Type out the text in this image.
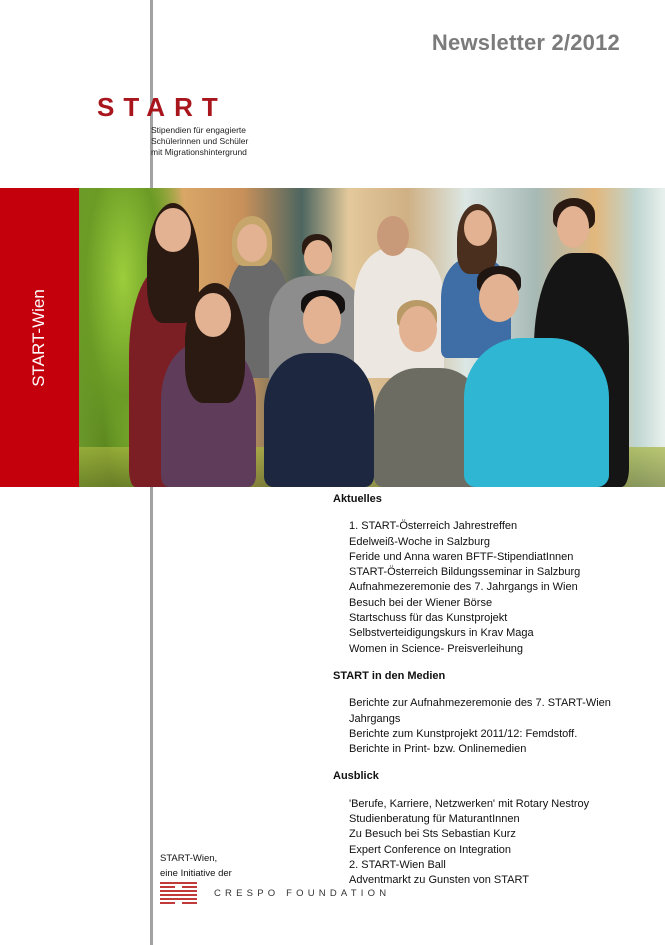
Newsletter 2/2012
START
Stipendien für engagierte
Schülerinnen und Schüler
mit Migrationshintergrund
START-Wien
Aktuelles
1. START-Österreich Jahrestreffen
Edelweiß-Woche in Salzburg
Feride und Anna waren BFTF-StipendiatInnen
START-Österreich Bildungsseminar in Salzburg
Aufnahmezeremonie des 7. Jahrgangs in Wien
Besuch bei der Wiener Börse
Startschuss für das Kunstprojekt
Selbstverteidigungskurs in Krav Maga
Women in Science- Preisverleihung
START in den Medien
Berichte zur Aufnahmezeremonie des 7. START-Wien Jahrgangs
Berichte zum Kunstprojekt 2011/12: Femdstoff.
Berichte in Print- bzw. Onlinemedien
Ausblick
'Berufe, Karriere, Netzwerken' mit Rotary Nestroy
Studienberatung für MaturantInnen
Zu Besuch bei Sts Sebastian Kurz
Expert Conference on Integration
2. START-Wien Ball
Adventmarkt zu Gunsten von START
START-Wien,
eine Initiative der
CRESPO FOUNDATION
